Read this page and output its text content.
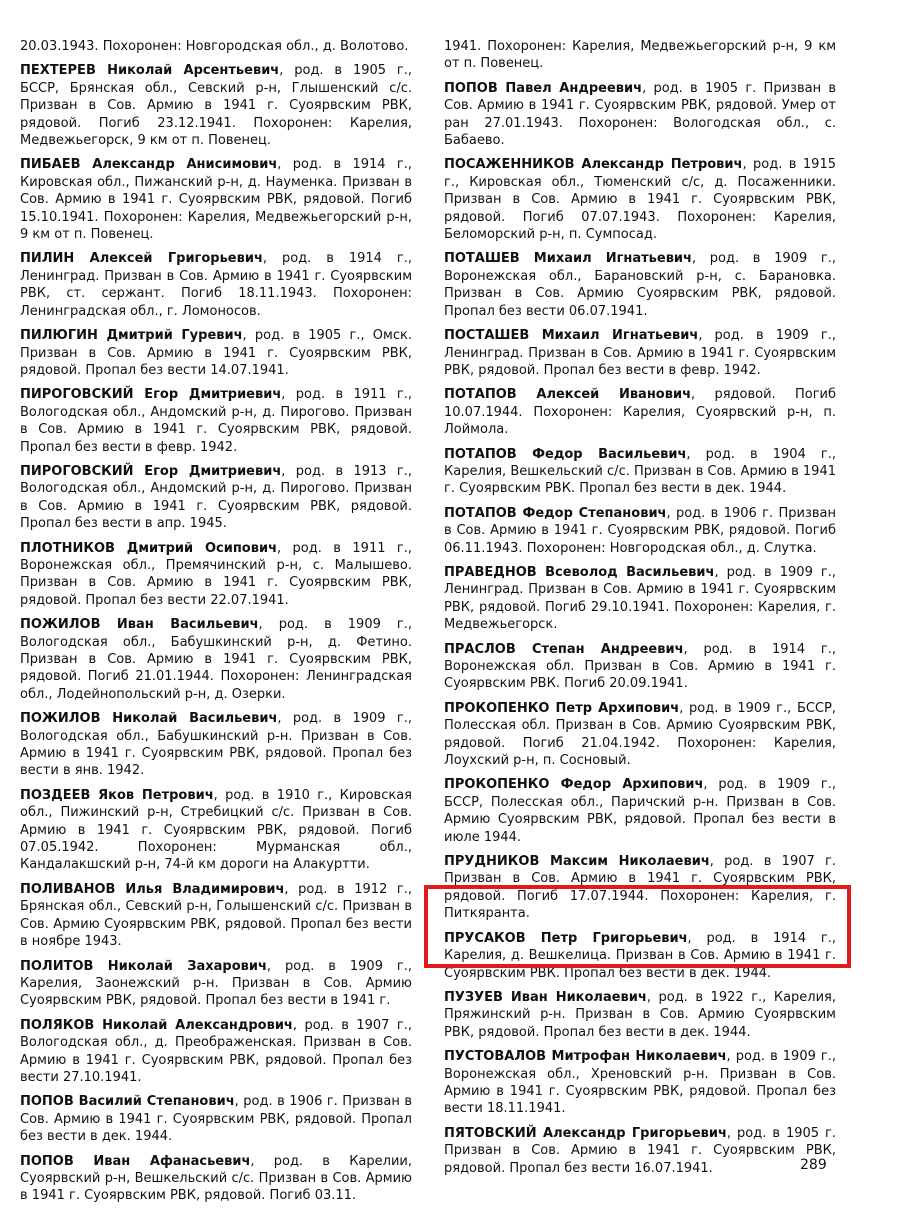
20.03.1943. Похоронен: Новгородская обл., д. Волотово.
ПЕХТЕРЕВ Николай Арсентьевич, род. в 1905 г., БССР, Брянская обл., Севский р-н, Глышенский с/с. Призван в Сов. Армию в 1941 г. Суоярвским РВК, рядовой. Погиб 23.12.1941. Похоронен: Карелия, Медвежьегорск, 9 км от п. Повенец.
ПИБАЕВ Александр Анисимович, род. в 1914 г., Кировская обл., Пижанский р-н, д. Науменка. Призван в Сов. Армию в 1941 г. Суоярвским РВК, рядовой. Погиб 15.10.1941. Похоронен: Карелия, Медвежьегорский р-н, 9 км от п. Повенец.
ПИЛИН Алексей Григорьевич, род. в 1914 г., Ленинград. Призван в Сов. Армию в 1941 г. Суоярвским РВК, ст. сержант. Погиб 18.11.1943. Похоронен: Ленинградская обл., г. Ломоносов.
ПИЛЮГИН Дмитрий Гуревич, род. в 1905 г., Омск. Призван в Сов. Армию в 1941 г. Суоярвским РВК, рядовой. Пропал без вести 14.07.1941.
ПИРОГОВСКИЙ Егор Дмитриевич, род. в 1911 г., Вологодская обл., Андомский р-н, д. Пирогово. Призван в Сов. Армию в 1941 г. Суоярвским РВК, рядовой. Пропал без вести в февр. 1942.
ПИРОГОВСКИЙ Егор Дмитриевич, род. в 1913 г., Вологодская обл., Андомский р-н, д. Пирогово. Призван в Сов. Армию в 1941 г. Суоярвским РВК, рядовой. Пропал без вести в апр. 1945.
ПЛОТНИКОВ Дмитрий Осипович, род. в 1911 г., Воронежская обл., Премячинский р-н, с. Малышево. Призван в Сов. Армию в 1941 г. Суоярвским РВК, рядовой. Пропал без вести 22.07.1941.
ПОЖИЛОВ Иван Васильевич, род. в 1909 г., Вологодская обл., Бабушкинский р-н, д. Фетино. Призван в Сов. Армию в 1941 г. Суоярвским РВК, рядовой. Погиб 21.01.1944. Похоронен: Ленинградская обл., Лодейнопольский р-н, д. Озерки.
ПОЖИЛОВ Николай Васильевич, род. в 1909 г., Вологодская обл., Бабушкинский р-н. Призван в Сов. Армию в 1941 г. Суоярвским РВК, рядовой. Пропал без вести в янв. 1942.
ПОЗДЕЕВ Яков Петрович, род. в 1910 г., Кировская обл., Пижинский р-н, Стребицкий с/с. Призван в Сов. Армию в 1941 г. Суоярвским РВК, рядовой. Погиб 07.05.1942. Похоронен: Мурманская обл., Кандалакшский р-н, 74-й км дороги на Алакуртти.
ПОЛИВАНОВ Илья Владимирович, род. в 1912 г., Брянская обл., Севский р-н, Голышенский с/с. Призван в Сов. Армию Суоярвским РВК, рядовой. Пропал без вести в ноябре 1943.
ПОЛИТОВ Николай Захарович, род. в 1909 г., Карелия, Заонежский р-н. Призван в Сов. Армию Суоярвским РВК, рядовой. Пропал без вести в 1941 г.
ПОЛЯКОВ Николай Александрович, род. в 1907 г., Вологодская обл., д. Преображенская. Призван в Сов. Армию в 1941 г. Суоярвским РВК, рядовой. Пропал без вести 27.10.1941.
ПОПОВ Василий Степанович, род. в 1906 г. Призван в Сов. Армию в 1941 г. Суоярвским РВК, рядовой. Пропал без вести в дек. 1944.
ПОПОВ Иван Афанасьевич, род. в Карелии, Суоярвский р-н, Вешкельский с/с. Призван в Сов. Армию в 1941 г. Суоярвским РВК, рядовой. Погиб 03.11.
1941. Похоронен: Карелия, Медвежьегорский р-н, 9 км от п. Повенец.
ПОПОВ Павел Андреевич, род. в 1905 г. Призван в Сов. Армию в 1941 г. Суоярвским РВК, рядовой. Умер от ран 27.01.1943. Похоронен: Вологодская обл., с. Бабаево.
ПОСАЖЕННИКОВ Александр Петрович, род. в 1915 г., Кировская обл., Тюменский с/с, д. Посаженники. Призван в Сов. Армию в 1941 г. Суоярвским РВК, рядовой. Погиб 07.07.1943. Похоронен: Карелия, Беломорский р-н, п. Сумпосад.
ПОТАШЕВ Михаил Игнатьевич, род. в 1909 г., Воронежская обл., Барановский р-н, с. Барановка. Призван в Сов. Армию Суоярвским РВК, рядовой. Пропал без вести 06.07.1941.
ПОСТАШЕВ Михаил Игнатьевич, род. в 1909 г., Ленинград. Призван в Сов. Армию в 1941 г. Суоярвским РВК, рядовой. Пропал без вести в февр. 1942.
ПОТАПОВ Алексей Иванович, рядовой. Погиб 10.07.1944. Похоронен: Карелия, Суоярвский р-н, п. Лоймола.
ПОТАПОВ Федор Васильевич, род. в 1904 г., Карелия, Вешкельский с/с. Призван в Сов. Армию в 1941 г. Суоярвским РВК. Пропал без вести в дек. 1944.
ПОТАПОВ Федор Степанович, род. в 1906 г. Призван в Сов. Армию в 1941 г. Суоярвским РВК, рядовой. Погиб 06.11.1943. Похоронен: Новгородская обл., д. Слутка.
ПРАВЕДНОВ Всеволод Васильевич, род. в 1909 г., Ленинград. Призван в Сов. Армию в 1941 г. Суоярвским РВК, рядовой. Погиб 29.10.1941. Похоронен: Карелия, г. Медвежьегорск.
ПРАСЛОВ Степан Андреевич, род. в 1914 г., Воронежская обл. Призван в Сов. Армию в 1941 г. Суоярвским РВК. Погиб 20.09.1941.
ПРОКОПЕНКО Петр Архипович, род. в 1909 г., БССР, Полесская обл. Призван в Сов. Армию Суоярвским РВК, рядовой. Погиб 21.04.1942. Похоронен: Карелия, Лоухский р-н, п. Сосновый.
ПРОКОПЕНКО Федор Архипович, род. в 1909 г., БССР, Полесская обл., Паричский р-н. Призван в Сов. Армию Суоярвским РВК, рядовой. Пропал без вести в июле 1944.
ПРУДНИКОВ Максим Николаевич, род. в 1907 г. Призван в Сов. Армию в 1941 г. Суоярвским РВК, рядовой. Погиб 17.07.1944. Похоронен: Карелия, г. Питкяранта.
ПРУСАКОВ Петр Григорьевич, род. в 1914 г., Карелия, д. Вешкелица. Призван в Сов. Армию в 1941 г. Суоярвским РВК. Пропал без вести в дек. 1944.
ПУЗУЕВ Иван Николаевич, род. в 1922 г., Карелия, Пряжинский р-н. Призван в Сов. Армию Суоярвским РВК, рядовой. Пропал без вести в дек. 1944.
ПУСТОВАЛОВ Митрофан Николаевич, род. в 1909 г., Воронежская обл., Хреновский р-н. Призван в Сов. Армию в 1941 г. Суоярвским РВК, рядовой. Пропал без вести 18.11.1941.
ПЯТОВСКИЙ Александр Григорьевич, род. в 1905 г. Призван в Сов. Армию в 1941 г. Суоярвским РВК, рядовой. Пропал без вести 16.07.1941.	289
